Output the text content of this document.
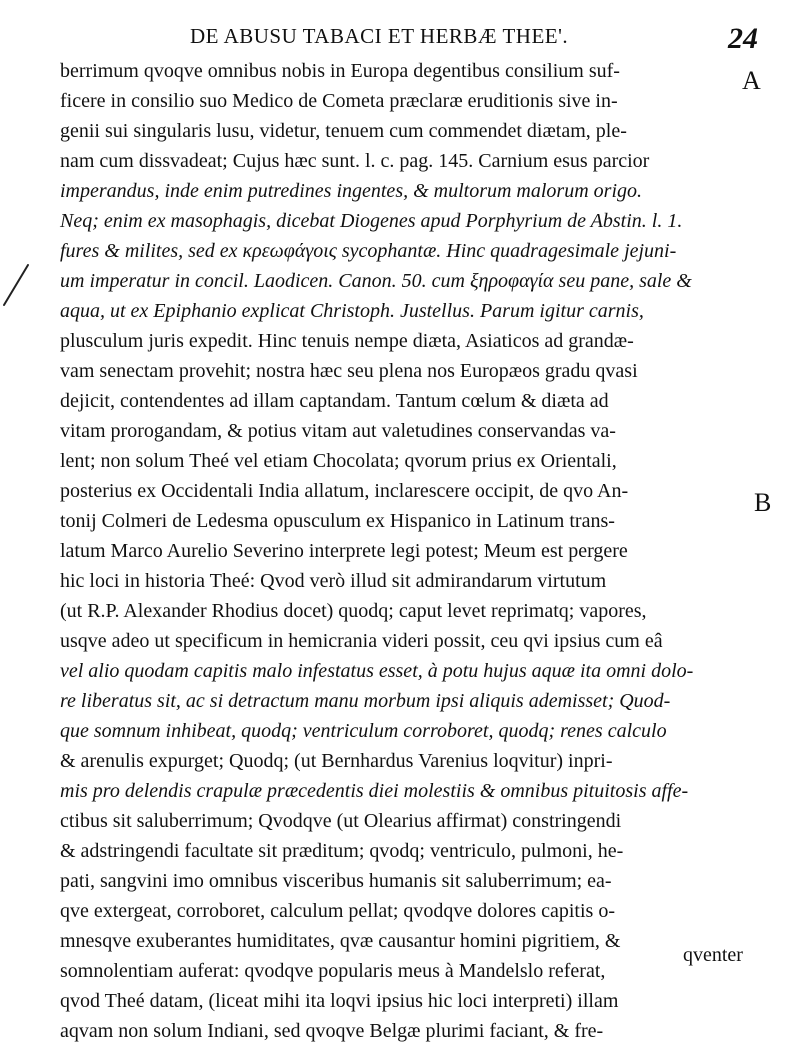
DE ABUSU TABACI ET HERBÆ THEE'.	24
A
B
berrimum qvoqve omnibus nobis in Europa degentibus consilium suf-
ficere in consilio suo Medico de Cometa præclaræ eruditionis sive in-
genii sui singularis lusu, videtur, tenuem cum commendet diætam, ple-
nam cum dissvadeat; Cujus hæc sunt. l. c. pag. 145. Carnium esus parcior
imperandus, inde enim putredines ingentes, & multorum malorum origo.
Neq; enim ex masophagis, dicebat Diogenes apud Porphyrium de Abstin. l. 1.
fures & milites, sed ex κρεωφάγοις sycophantæ. Hinc quadragesimale jejuni-
um imperatur in concil. Laodicen. Canon. 50. cum ξηροφαγία seu pane, sale &
aqua, ut ex Epiphanio explicat Christoph. Justellus. Parum igitur carnis,
plusculum juris expedit. Hinc tenuis nempe diæta, Asiaticos ad grandæ-
vam senectam provehit; nostra hæc seu plena nos Europæos gradu qvasi
dejicit, contendentes ad illam captandam. Tantum cœlum & diæta ad
vitam prorogandam, & potius vitam aut valetudines conservandas va-
lent; non solum Theé vel etiam Chocolata; qvorum prius ex Orientali,
posterius ex Occidentali India allatum, inclarescere occipit, de qvo An-
tonij Colmeri de Ledesma opusculum ex Hispanico in Latinum trans-
latum Marco Aurelio Severino interprete legi potest; Meum est pergere
hic loci in historia Theé: Qvod verò illud sit admirandarum virtutum
(ut R.P. Alexander Rhodius docet) quodq; caput levet reprimatq; vapores,
usqve adeo ut specificum in hemicrania videri possit, ceu qvi ipsius cum eâ
vel alio quodam capitis malo infestatus esset, à potu hujus aquæ ita omni dolo-
re liberatus sit, ac si detractum manu morbum ipsi aliquis ademisset; Quod-
que somnum inhibeat, quodq; ventriculum corroboret, quodq; renes calculo
& arenulis expurget; Quodq; (ut Bernhardus Varenius loqvitur) inpri-
mis pro delendis crapulæ præcedentis diei molestiis & omnibus pituitosis affe-
ctibus sit saluberrimum; Qvodqve (ut Olearius affirmat) constringendi
& adstringendi facultate sit præditum; qvodq; ventriculo, pulmoni, he-
pati, sangvini imo omnibus visceribus humanis sit saluberrimum; ea-
qve extergeat, corroboret, calculum pellat; qvodqve dolores capitis o-
mnesqve exuberantes humiditates, qvæ causantur homini pigritiem, &
somnolentiam auferat: qvodqve popularis meus à Mandelslo referat,
qvod Theé datam, (liceat mihi ita loqvi ipsius hic loci interpreti) illam
aqvam non solum Indiani, sed qvoqve Belgæ plurimi faciant, & fre-
qventer
